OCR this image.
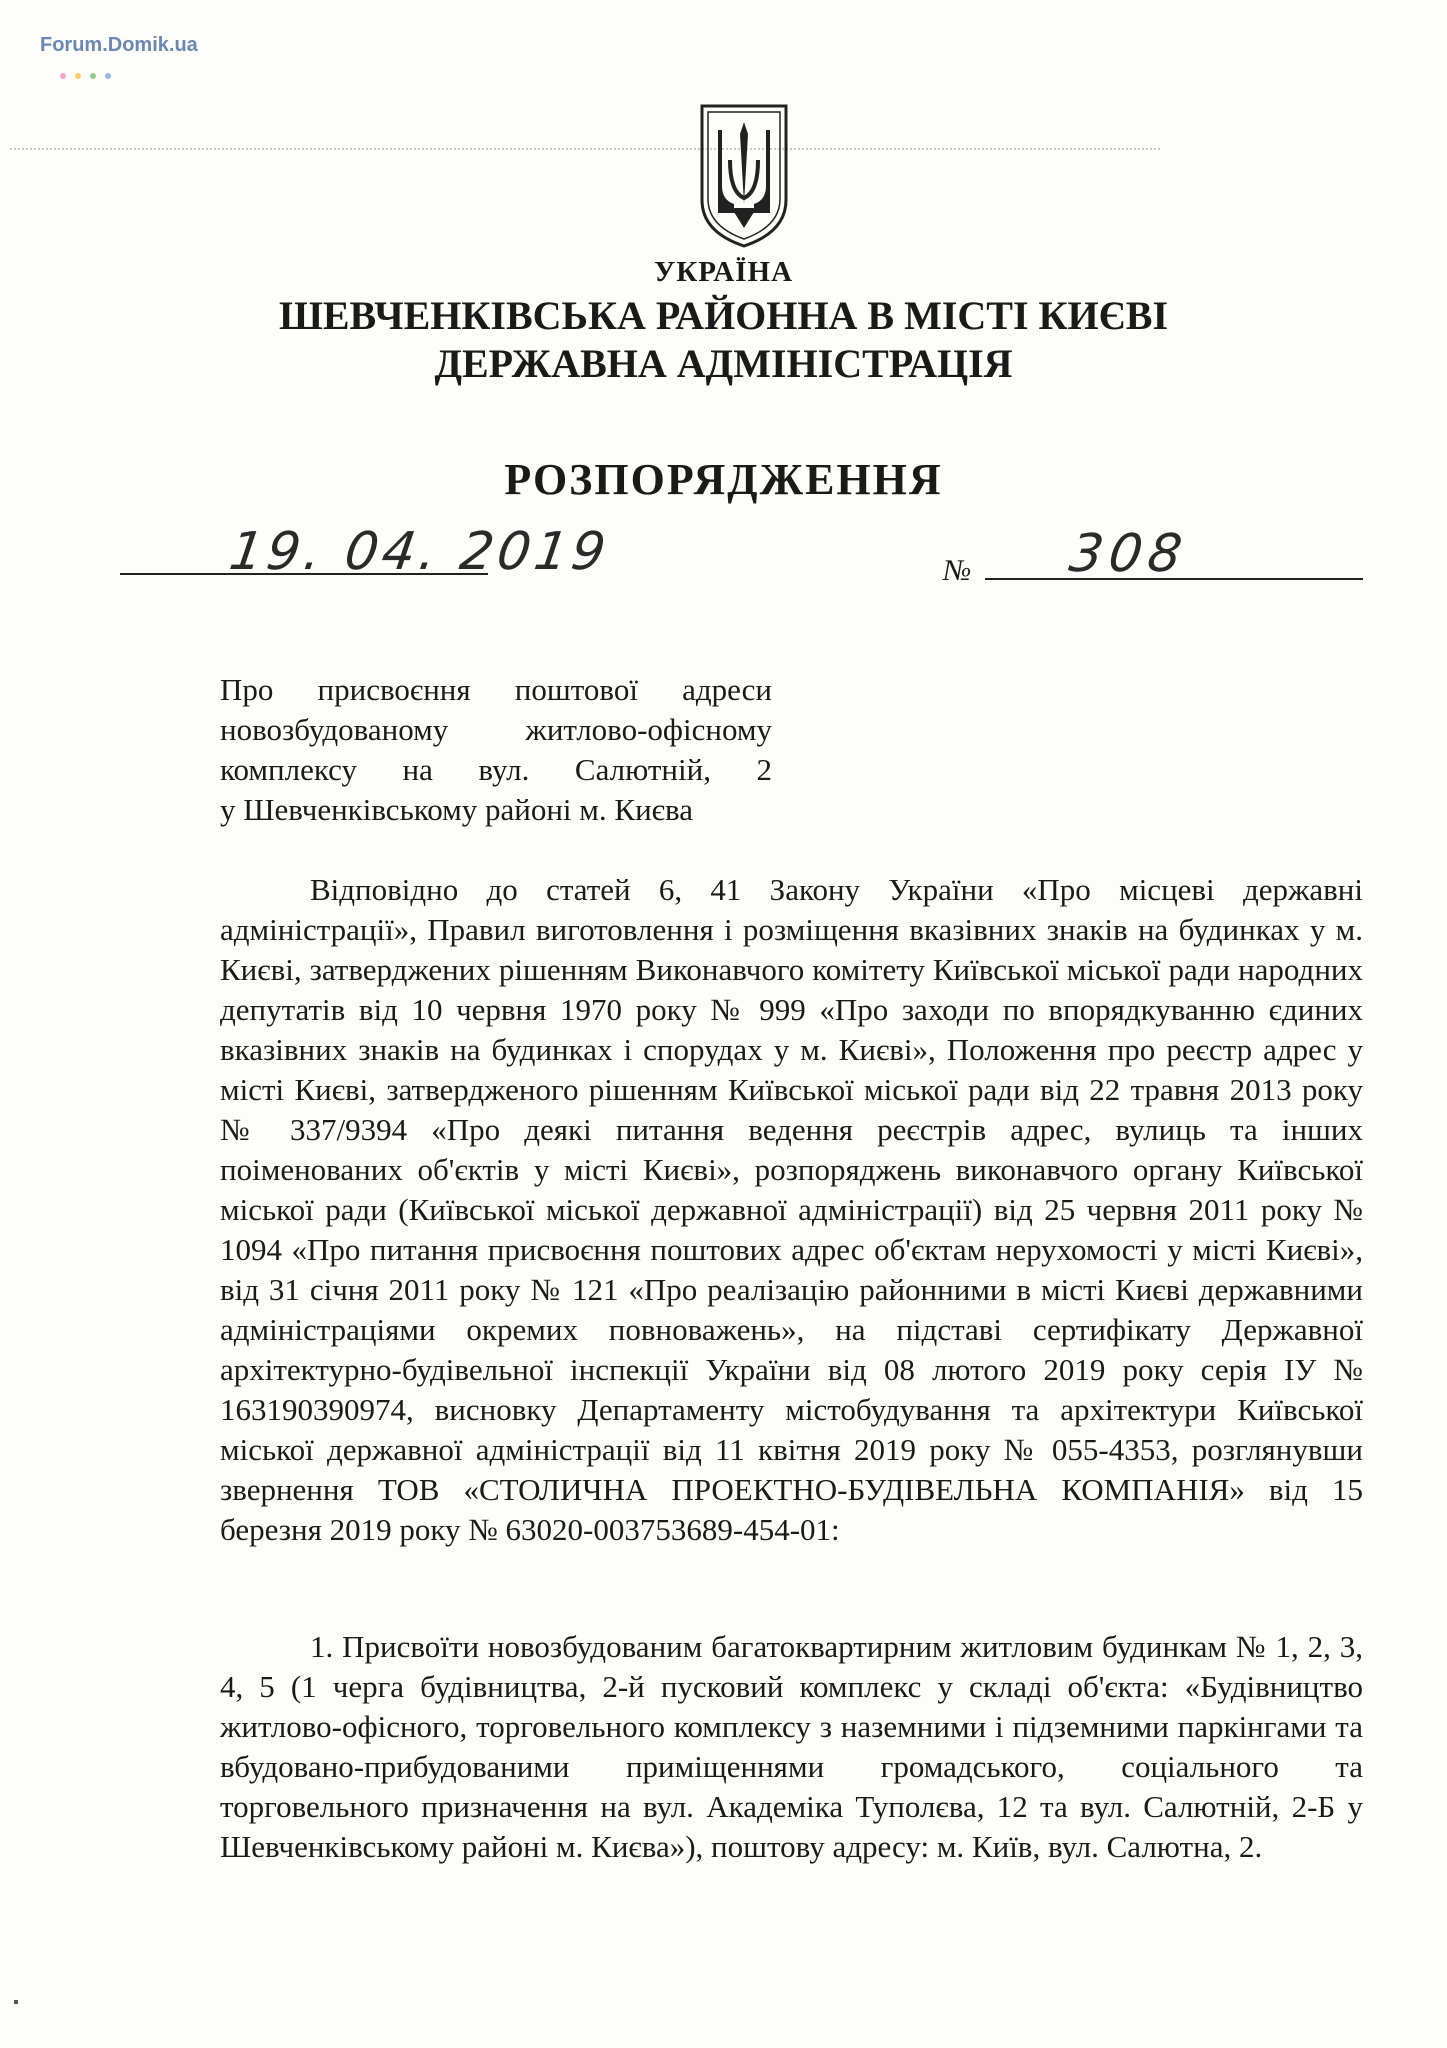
Forum.Domik.ua
УКРАЇНА
ШЕВЧЕНКІВСЬКА РАЙОННА В МІСТІ КИЄВІ
ДЕРЖАВНА АДМІНІСТРАЦІЯ
РОЗПОРЯДЖЕННЯ
19. 04. 2019	№ 308
Про присвоєння поштової адреси
новозбудованому житлово-офісному
комплексу на вул. Салютній, 2
у Шевченківському районі м. Києва
Відповідно до статей 6, 41 Закону України «Про місцеві державні адміністрації», Правил виготовлення і розміщення вказівних знаків на будинках у м. Києві, затверджених рішенням Виконавчого комітету Київської міської ради народних депутатів від 10 червня 1970 року № 999 «Про заходи по впорядкуванню єдиних вказівних знаків на будинках і спорудах у м. Києві», Положення про реєстр адрес у місті Києві, затвердженого рішенням Київської міської ради від 22 травня 2013 року № 337/9394 «Про деякі питання ведення реєстрів адрес, вулиць та інших поіменованих об'єктів у місті Києві», розпоряджень виконавчого органу Київської міської ради (Київської міської державної адміністрації) від 25 червня 2011 року № 1094 «Про питання присвоєння поштових адрес об'єктам нерухомості у місті Києві», від 31 січня 2011 року № 121 «Про реалізацію районними в місті Києві державними адміністраціями окремих повноважень», на підставі сертифікату Державної архітектурно-будівельної інспекції України від 08 лютого 2019 року серія ІУ № 163190390974, висновку Департаменту містобудування та архітектури Київської міської державної адміністрації від 11 квітня 2019 року № 055-4353, розглянувши звернення ТОВ «СТОЛИЧНА ПРОЕКТНО-БУДІВЕЛЬНА КОМПАНІЯ» від 15 березня 2019 року № 63020-003753689-454-01:
1. Присвоїти новозбудованим багатоквартирним житловим будинкам № 1, 2, 3, 4, 5 (1 черга будівництва, 2-й пусковий комплекс у складі об'єкта: «Будівництво житлово-офісного, торговельного комплексу з наземними і підземними паркінгами та вбудовано-прибудованими приміщеннями громадського, соціального та торговельного призначення на вул. Академіка Туполєва, 12 та вул. Салютній, 2-Б у Шевченківському районі м. Києва»), поштову адресу: м. Київ, вул. Салютна, 2.
